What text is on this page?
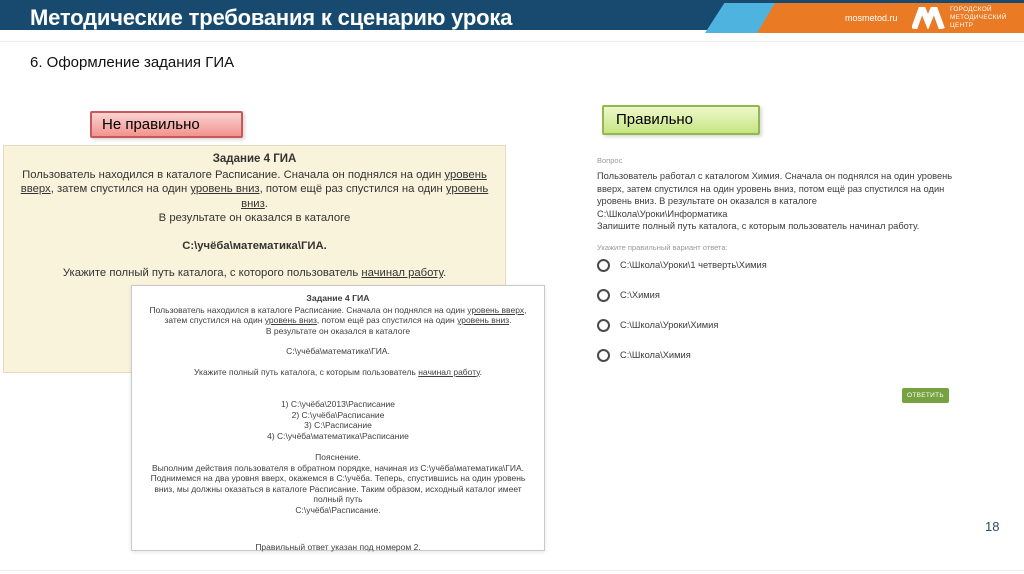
Методические требования к сценарию урока	mosmetod.ru
ГОРОДСКОЙ
МЕТОДИЧЕСКИЙ
ЦЕНТР
6. Оформление задания ГИА
Не правильно
Задание 4 ГИА
Пользователь находился в каталоге Расписание. Сначала он поднялся на один уровень вверх, затем спустился на один уровень вниз, потом ещё раз спустился на один уровень вниз.
В результате он оказался в каталоге
C:\учёба\математика\ГИА.
Укажите полный путь каталога, с которого пользователь начинал работу.
Задание 4 ГИА
Пользователь находился в каталоге Расписание. Сначала он поднялся на один уровень вверх, затем спустился на один уровень вниз, потом ещё раз спустился на один уровень вниз.
В результате он оказался в каталоге
C:\учёба\математика\ГИА.
Укажите полный путь каталога, с которым пользователь начинал работу.
1) C:\учёба\2013\Расписание
2) C:\учёба\Расписание
3) C:\Расписание
4) C:\учёба\математика\Расписание
Пояснение.
Выполним действия пользователя в обратном порядке, начиная из C:\учёба\математика\ГИА. Поднимемся на два уровня вверх, окажемся в C:\учёба. Теперь, спустившись на один уровень вниз, мы должны оказаться в каталоге Расписание. Таким образом, исходный каталог имеет полный путь
C:\учёба\Расписание.
Правильный ответ указан под номером 2.
Правильно
Вопрос
Пользователь работал с каталогом Химия. Сначала он поднялся на один уровень вверх, затем спустился на один уровень вниз, потом ещё раз спустился на один уровень вниз. В результате он оказался в каталоге
C:\Школа\Уроки\Информатика
Запишите полный путь каталога, с которым пользователь начинал работу.
Укажите правильный вариант ответа:
C:\Школа\Уроки\1 четверть\Химия
C:\Химия
C:\Школа\Уроки\Химия
C:\Школа\Химия
ОТВЕТИТЬ
18
